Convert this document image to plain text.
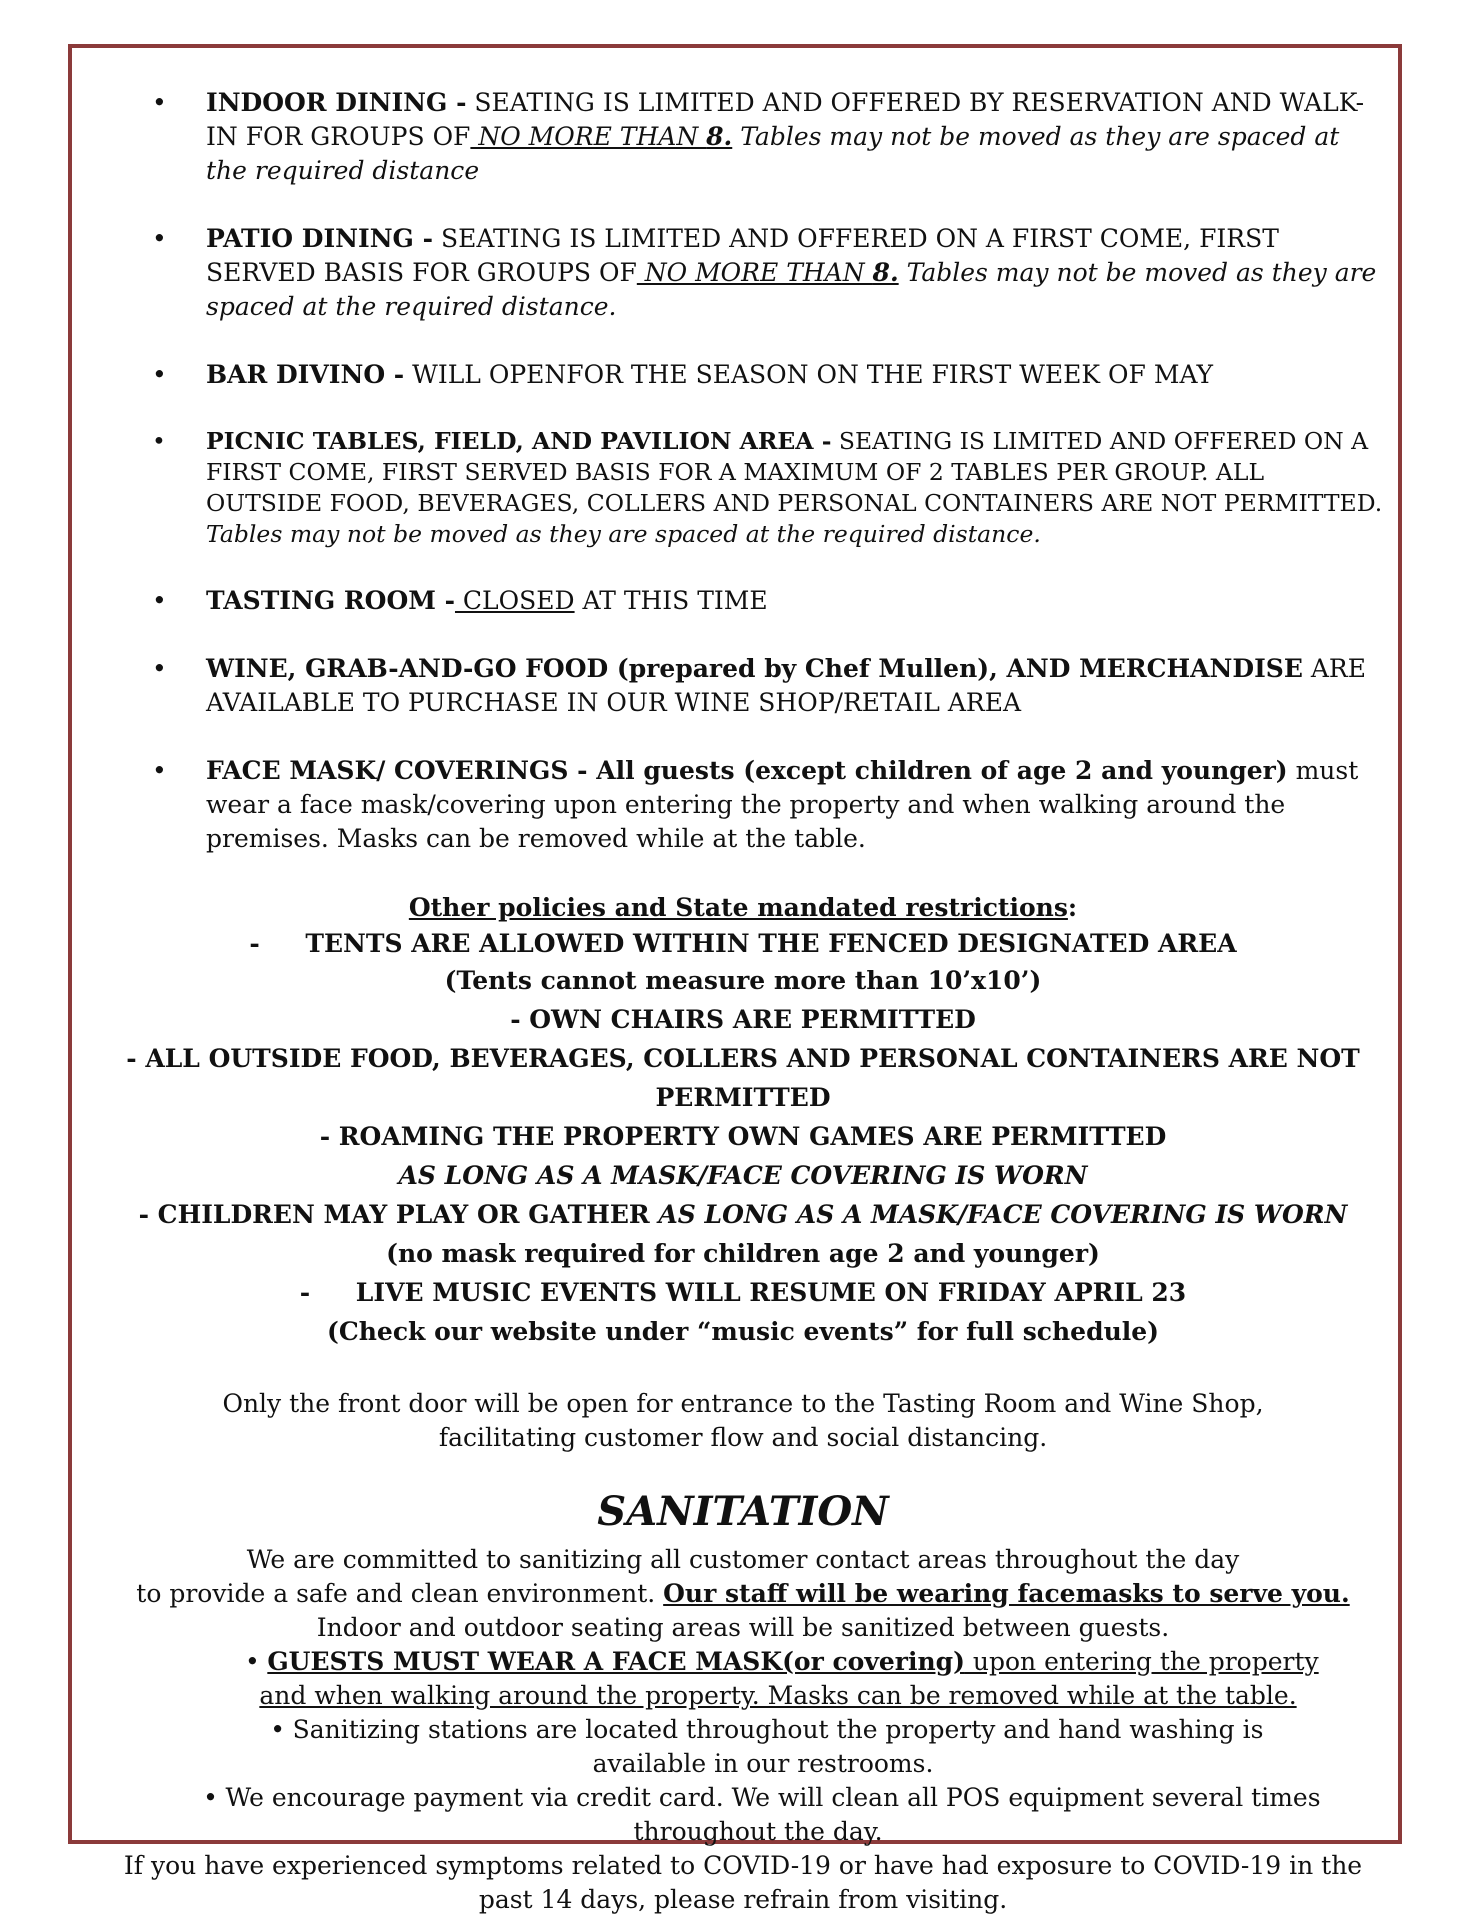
• INDOOR DINING - SEATING IS LIMITED AND OFFERED BY RESERVATION AND WALK-IN FOR GROUPS OF NO MORE THAN 8. Tables may not be moved as they are spaced at the required distance
• PATIO DINING - SEATING IS LIMITED AND OFFERED ON A FIRST COME, FIRST SERVED BASIS FOR GROUPS OF NO MORE THAN 8. Tables may not be moved as they are spaced at the required distance.
• BAR DIVINO - WILL OPENFOR THE SEASON ON THE FIRST WEEK OF MAY
• PICNIC TABLES, FIELD, AND PAVILION AREA - SEATING IS LIMITED AND OFFERED ON A FIRST COME, FIRST SERVED BASIS FOR A MAXIMUM OF 2 TABLES PER GROUP. ALL OUTSIDE FOOD, BEVERAGES, COLLERS AND PERSONAL CONTAINERS ARE NOT PERMITTED. Tables may not be moved as they are spaced at the required distance.
• TASTING ROOM - CLOSED AT THIS TIME
• WINE, GRAB-AND-GO FOOD (prepared by Chef Mullen), AND MERCHANDISE ARE AVAILABLE TO PURCHASE IN OUR WINE SHOP/RETAIL AREA
• FACE MASK/ COVERINGS - All guests (except children of age 2 and younger) must wear a face mask/covering upon entering the property and when walking around the premises. Masks can be removed while at the table.
Other policies and State mandated restrictions:
- TENTS ARE ALLOWED WITHIN THE FENCED DESIGNATED AREA
(Tents cannot measure more than 10’x10’)
- OWN CHAIRS ARE PERMITTED
- ALL OUTSIDE FOOD, BEVERAGES, COLLERS AND PERSONAL CONTAINERS ARE NOT PERMITTED
- ROAMING THE PROPERTY OWN GAMES ARE PERMITTED
AS LONG AS A MASK/FACE COVERING IS WORN
- CHILDREN MAY PLAY OR GATHER AS LONG AS A MASK/FACE COVERING IS WORN
(no mask required for children age 2 and younger)
- LIVE MUSIC EVENTS WILL RESUME ON FRIDAY APRIL 23
(Check our website under “music events” for full schedule)
Only the front door will be open for entrance to the Tasting Room and Wine Shop,
facilitating customer flow and social distancing.
SANITATION
We are committed to sanitizing all customer contact areas throughout the day
to provide a safe and clean environment. Our staff will be wearing facemasks to serve you.
Indoor and outdoor seating areas will be sanitized between guests.
• GUESTS MUST WEAR A FACE MASK(or covering) upon entering the property and when walking around the property. Masks can be removed while at the table.
• Sanitizing stations are located throughout the property and hand washing is available in our restrooms.
• We encourage payment via credit card. We will clean all POS equipment several times throughout the day.
If you have experienced symptoms related to COVID-19 or have had exposure to COVID-19 in the past 14 days, please refrain from visiting.
